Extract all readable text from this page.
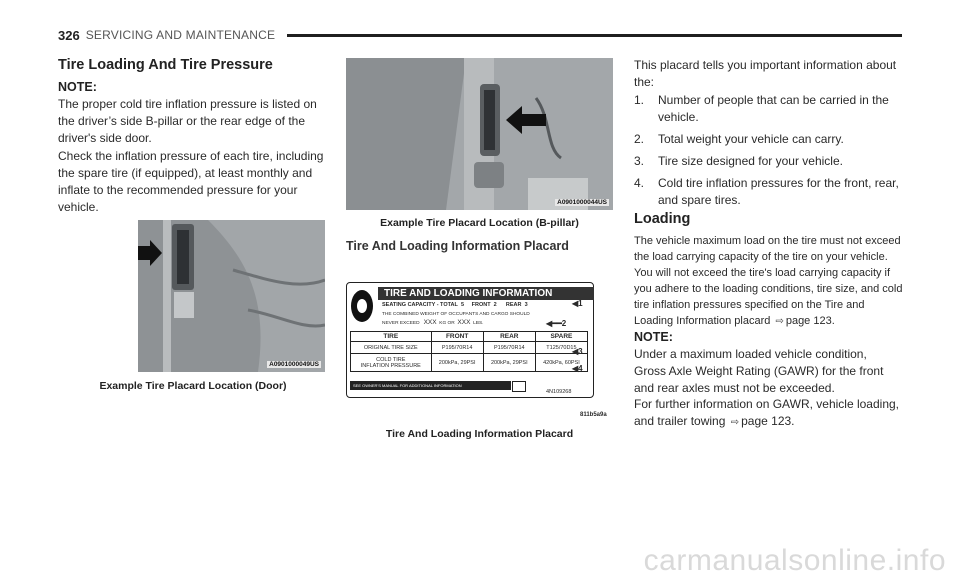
326 SERVICING AND MAINTENANCE
Tire Loading And Tire Pressure
NOTE:

The proper cold tire inflation pressure is listed on the driver’s side B-pillar or the rear edge of the driver's side door.

Check the inflation pressure of each tire, including the spare tire (if equipped), at least monthly and inflate to the recommended pressure for your vehicle.

A0901000049US
Example Tire Placard Location (Door)
A0901000044US
Example Tire Placard Location (B-pillar)
Tire And Loading Information Placard
TIRE AND LOADING INFORMATION
SEATING CAPACITY - TOTAL 5 FRONT 2 REAR 3
THE COMBINED WEIGHT OF OCCUPANTS AND CARGO SHOULD
NEVER EXCEED XXX KG OR XXX LBS.
TIRE	FRONT	REAR	SPARE
ORIGINAL TIRE SIZE	P195/70R14	P195/70R14	T125/70D15
COLD TIRE
INFLATION PRESSURE	200kPa, 29PSI	200kPa, 29PSI	420kPa, 60PSI
SEE OWNER'S MANUAL FOR ADDITIONAL INFORMATION
4N109268
◀1
◀━━2
◀3
◀4
811b5a9a
Tire And Loading Information Placard

This placard tells you important information about the:

1. Number of people that can be carried in the vehicle.
2. Total weight your vehicle can carry.
3. Tire size designed for your vehicle.
4. Cold tire inflation pressures for the front, rear, and spare tires.
Loading

The vehicle maximum load on the tire must not exceed the load carrying capacity of the tire on your vehicle. You will not exceed the tire's load carrying capacity if you adhere to the loading conditions, tire size, and cold tire inflation pressures specified on the Tire and Loading Information placard ⇨ page 123.

NOTE:

Under a maximum loaded vehicle condition, Gross Axle Weight Rating (GAWR) for the front and rear axles must not be exceeded.

For further information on GAWR, vehicle loading, and trailer towing ⇨ page 123.

carmanualsonline.info
